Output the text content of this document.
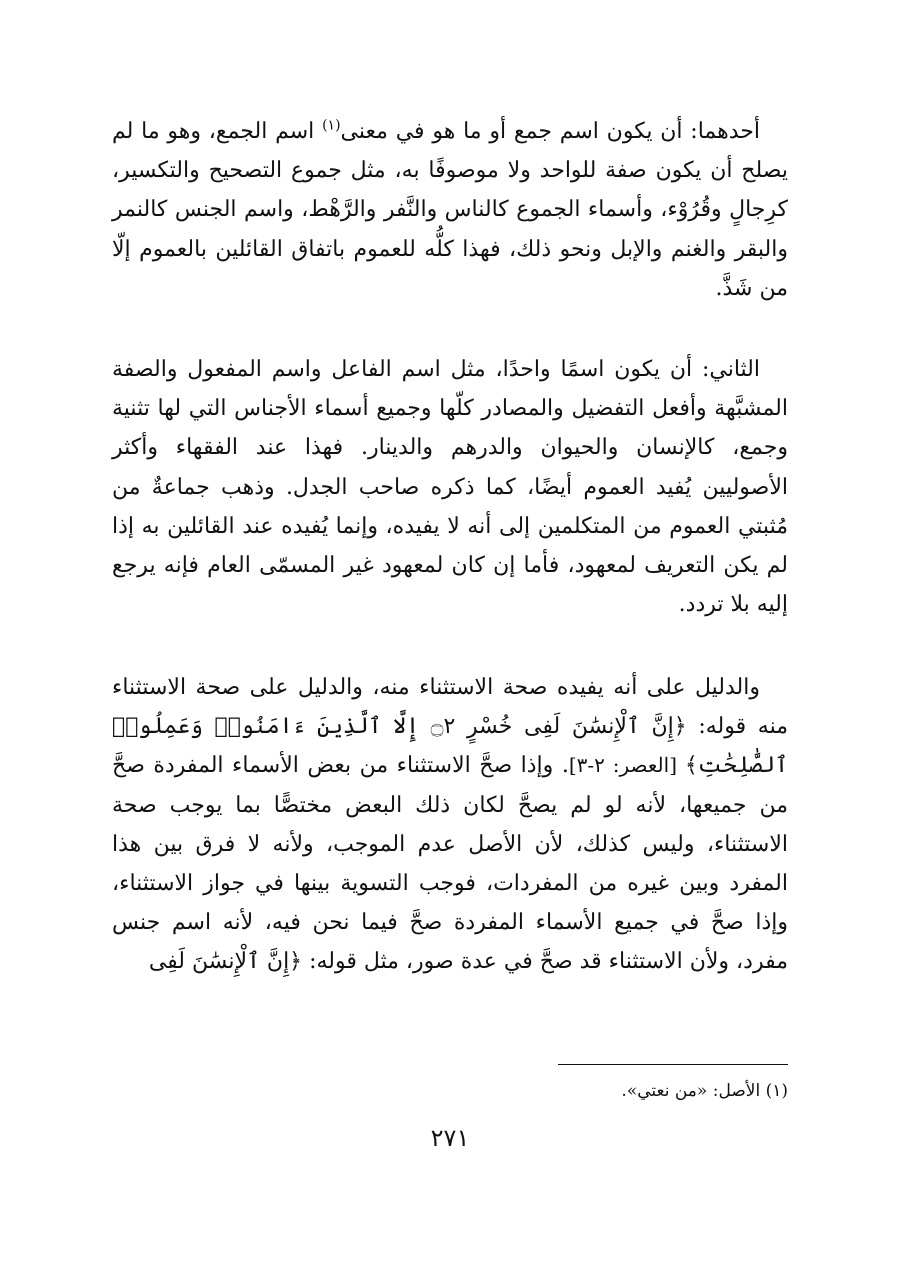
أحدهما: أن يكون اسم جمع أو ما هو في معنى$^{(١)}$ اسم الجمع، وهو ما لم يصلح أن يكون صفة للواحد ولا موصوفًا به، مثل جموع التصحيح والتكسير، كرِجالٍ وقُرُوْء، وأسماء الجموع كالناس والنَّفر والرَّهْط، واسم الجنس كالنمر والبقر والغنم والإبل ونحو ذلك، فهذا كلُّه للعموم باتفاق القائلين بالعموم إلّا من شَذَّ.

الثاني: أن يكون اسمًا واحدًا، مثل اسم الفاعل واسم المفعول والصفة المشبَّهة وأفعل التفضيل والمصادر كلّها وجميع أسماء الأجناس التي لها تثنية وجمع، كالإنسان والحيوان والدرهم والدينار. فهذا عند الفقهاء وأكثر الأصوليين يُفيد العموم أيضًا، كما ذكره صاحب الجدل. وذهب جماعةٌ من مُثبتي العموم من المتكلمين إلى أنه لا يفيده، وإنما يُفيده عند القائلين به إذا لم يكن التعريف لمعهود، فأما إن كان لمعهود غير المسمّى العام فإنه يرجع إليه بلا تردد.

والدليل على أنه يفيده صحة الاستثناء منه، والدليل على صحة الاستثناء منه قوله: ﴿إِنَّ ٱلْإِنسَٰنَ لَفِى خُسْرٍ ۝٢ إِلَّا ٱلَّذِينَ ءَامَنُوا۟ وَعَمِلُوا۟ ٱلصَّٰلِحَٰتِ﴾ [العصر: ٢-٣]. وإذا صحَّ الاستثناء من بعض الأسماء المفردة صحَّ من جميعها، لأنه لو لم يصحَّ لكان ذلك البعض مختصًّا بما يوجب صحة الاستثناء، وليس كذلك، لأن الأصل عدم الموجب، ولأنه لا فرق بين هذا المفرد وبين غيره من المفردات، فوجب التسوية بينها في جواز الاستثناء، وإذا صحَّ في جميع الأسماء المفردة صحَّ فيما نحن فيه، لأنه اسم جنس مفرد، ولأن الاستثناء قد صحَّ في عدة صور، مثل قوله: ﴿إِنَّ ٱلْإِنسَٰنَ لَفِى

(١) الأصل: «من نعتي».
٢٧١
